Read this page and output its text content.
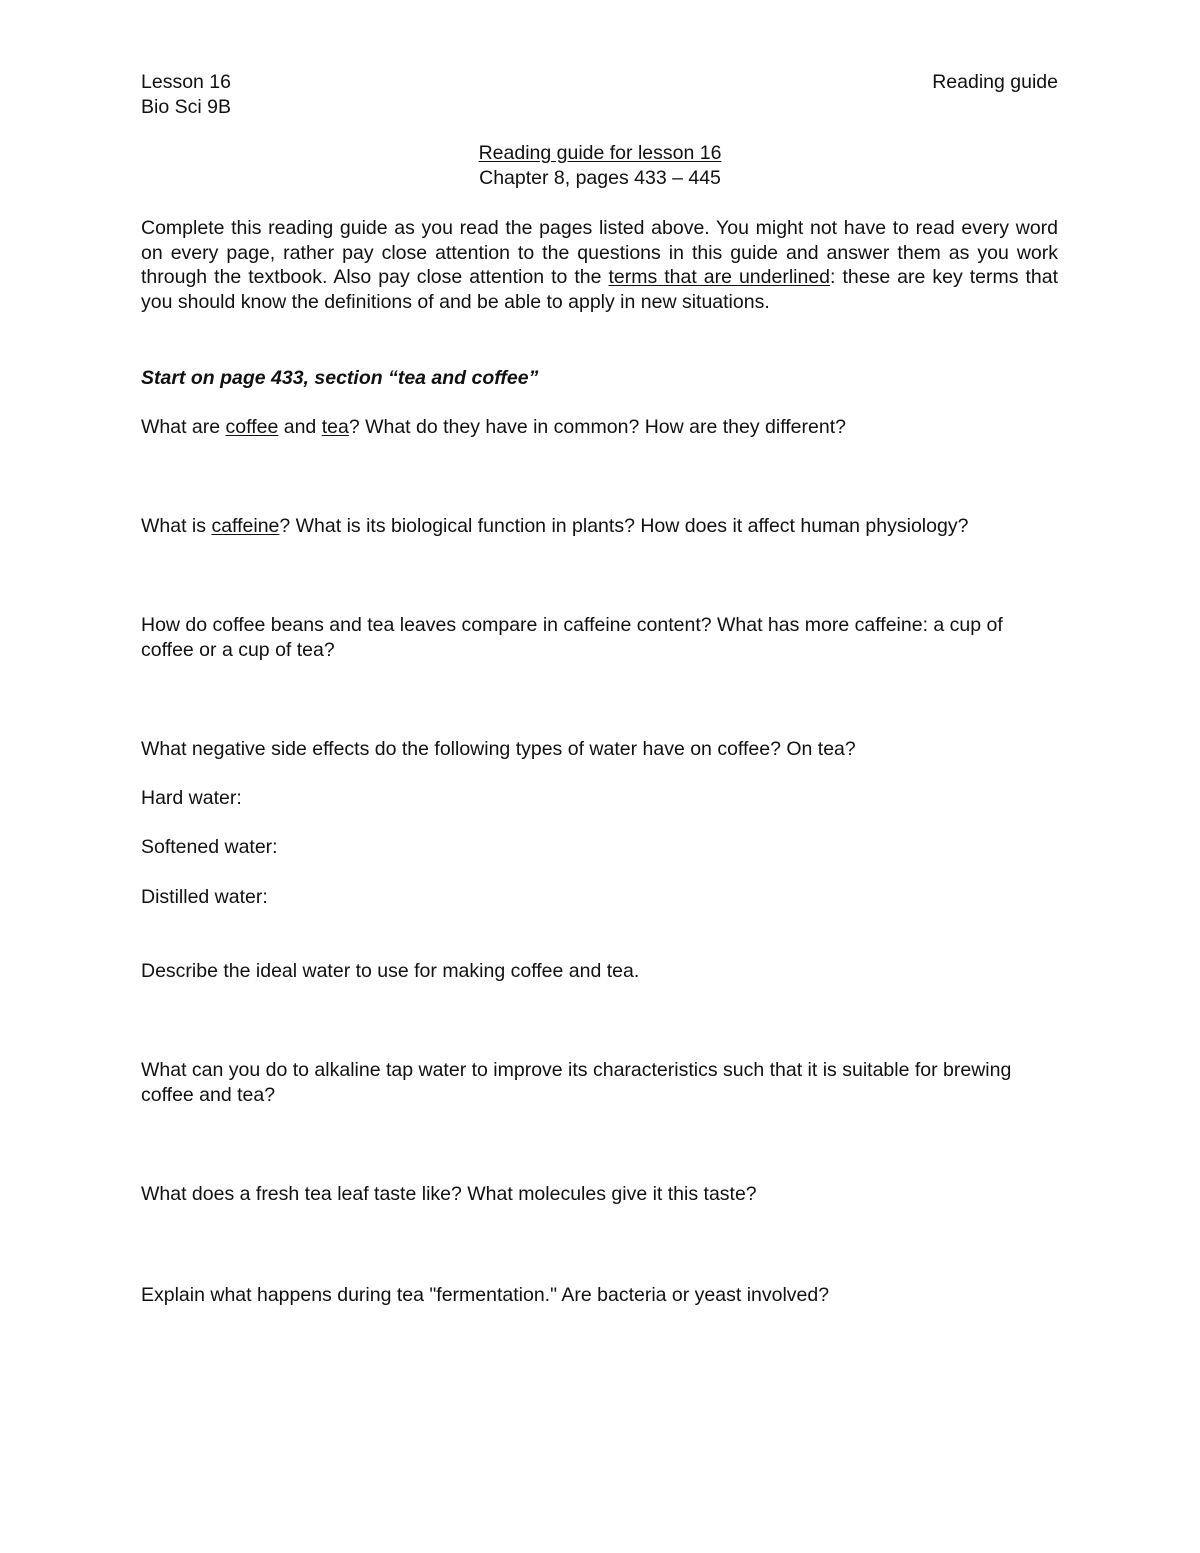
Lesson 16	Reading guide
Bio Sci 9B
Reading guide for lesson 16
Chapter 8, pages 433 – 445
Complete this reading guide as you read the pages listed above. You might not have to read every word on every page, rather pay close attention to the questions in this guide and answer them as you work through the textbook. Also pay close attention to the terms that are underlined: these are key terms that you should know the definitions of and be able to apply in new situations.
Start on page 433, section “tea and coffee”
What are coffee and tea? What do they have in common? How are they different?
What is caffeine? What is its biological function in plants? How does it affect human physiology?
How do coffee beans and tea leaves compare in caffeine content? What has more caffeine: a cup of coffee or a cup of tea?
What negative side effects do the following types of water have on coffee? On tea?
Hard water:
Softened water:
Distilled water:
Describe the ideal water to use for making coffee and tea.
What can you do to alkaline tap water to improve its characteristics such that it is suitable for brewing coffee and tea?
What does a fresh tea leaf taste like? What molecules give it this taste?
Explain what happens during tea "fermentation." Are bacteria or yeast involved?
